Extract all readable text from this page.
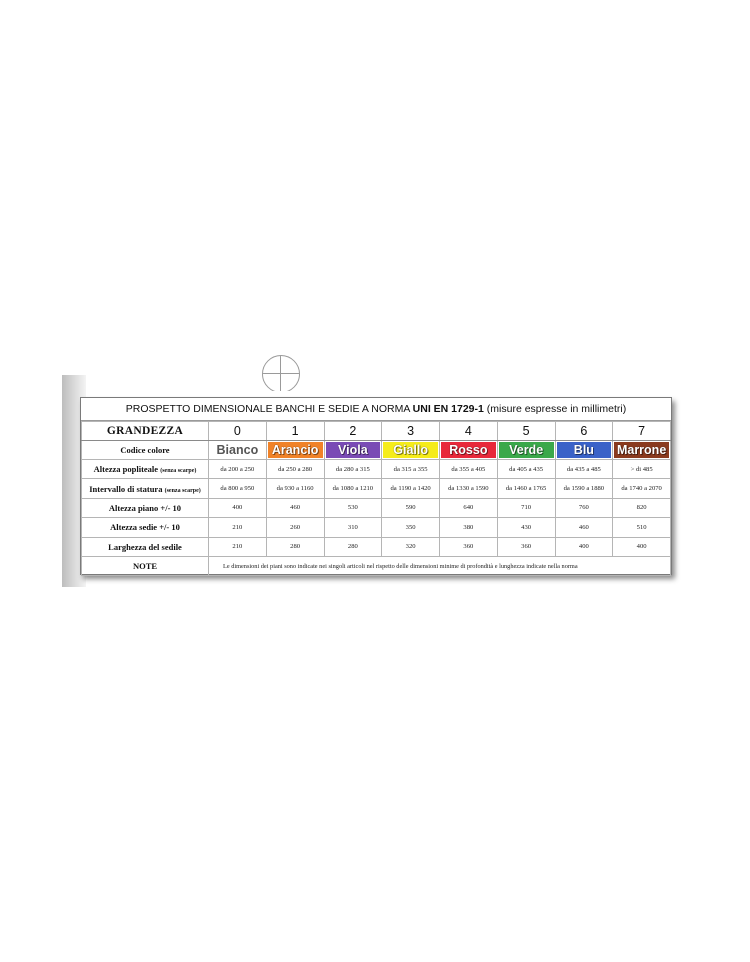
PROSPETTO DIMENSIONALE BANCHI E SEDIE A NORMA UNI EN 1729-1 (misure espresse in millimetri)
GRANDEZZA	0	1	2	3	4	5	6	7
Codice colore	Bianco	Arancio	Viola	Giallo	Rosso	Verde	Blu	Marrone

Altezza popliteale (senza scarpe)	da 200 a 250	da 250 a 280	da 280 a 315	da 315 a 355	da 355 a 405	da 405 a 435	da 435 a 485	> di 485
Intervallo di statura (senza scarpe)	da 800 a 950	da 930 a 1160	da 1080 a 1210	da 1190 a 1420	da 1330 a 1590	da 1460 a 1765	da 1590 a 1880	da 1740 a 2070
Altezza piano +/- 10	400	460	530	590	640	710	760	820
Altezza sedie +/- 10	210	260	310	350	380	430	460	510
Larghezza del sedile	210	280	280	320	360	360	400	400
NOTE	Le dimensioni dei piani sono indicate nei singoli articoli nel rispetto delle dimensioni minime di profondità e lunghezza indicate nella norma							
